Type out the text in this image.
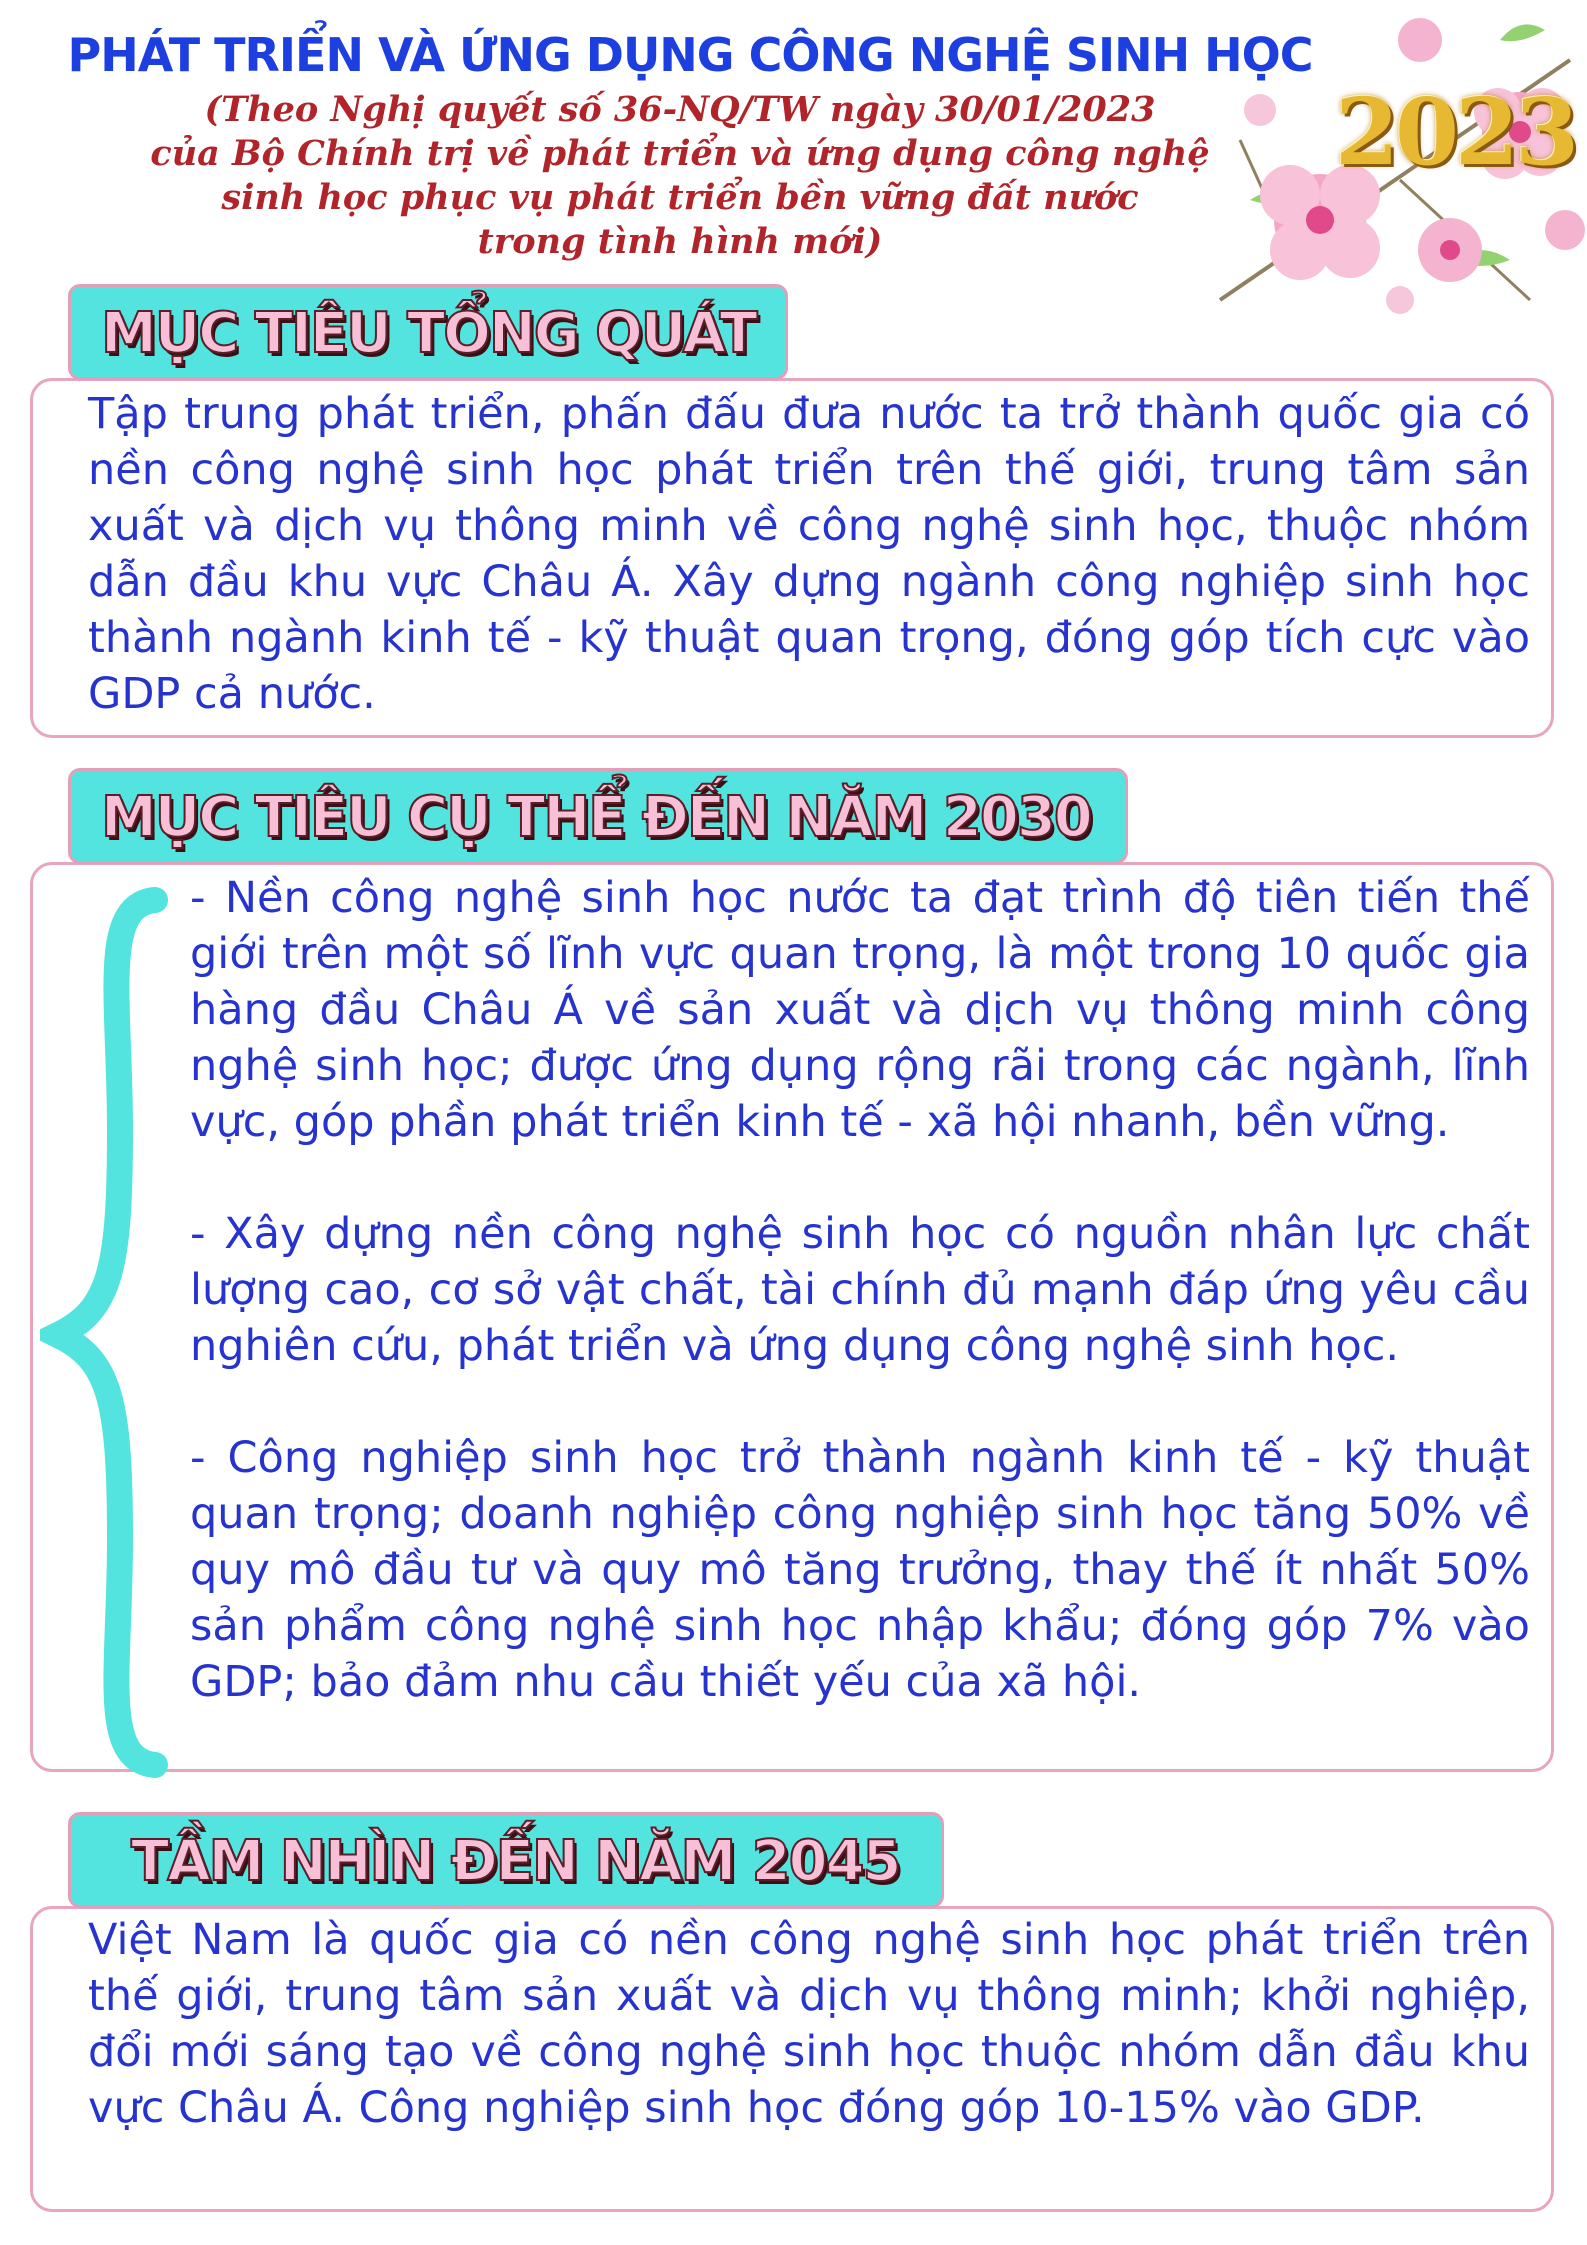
PHÁT TRIỂN VÀ ỨNG DỤNG CÔNG NGHỆ SINH HỌC

(Theo Nghị quyết số 36-NQ/TW ngày 30/01/2023
của Bộ Chính trị về phát triển và ứng dụng công nghệ
sinh học phục vụ phát triển bền vững đất nước
trong tình hình mới)

2023
MỤC TIÊU TỔNG QUÁT

Tập trung phát triển, phấn đấu đưa nước ta trở thành quốc gia có nền công nghệ sinh học phát triển trên thế giới, trung tâm sản xuất và dịch vụ thông minh về công nghệ sinh học, thuộc nhóm dẫn đầu khu vực Châu Á. Xây dựng ngành công nghiệp sinh học thành ngành kinh tế - kỹ thuật quan trọng, đóng góp tích cực vào GDP cả nước.

MỤC TIÊU CỤ THỂ ĐẾN NĂM 2030

- Nền công nghệ sinh học nước ta đạt trình độ tiên tiến thế giới trên một số lĩnh vực quan trọng, là một trong 10 quốc gia hàng đầu Châu Á về sản xuất và dịch vụ thông minh công nghệ sinh học; được ứng dụng rộng rãi trong các ngành, lĩnh vực, góp phần phát triển kinh tế - xã hội nhanh, bền vững.

- Xây dựng nền công nghệ sinh học có nguồn nhân lực chất lượng cao, cơ sở vật chất, tài chính đủ mạnh đáp ứng yêu cầu nghiên cứu, phát triển và ứng dụng công nghệ sinh học.

- Công nghiệp sinh học trở thành ngành kinh tế - kỹ thuật quan trọng; doanh nghiệp công nghiệp sinh học tăng 50% về quy mô đầu tư và quy mô tăng trưởng, thay thế ít nhất 50% sản phẩm công nghệ sinh học nhập khẩu; đóng góp 7% vào GDP; bảo đảm nhu cầu thiết yếu của xã hội.

TẦM NHÌN ĐẾN NĂM 2045

Việt Nam là quốc gia có nền công nghệ sinh học phát triển trên thế giới, trung tâm sản xuất và dịch vụ thông minh; khởi nghiệp, đổi mới sáng tạo về công nghệ sinh học thuộc nhóm dẫn đầu khu vực Châu Á. Công nghiệp sinh học đóng góp 10-15% vào GDP.
